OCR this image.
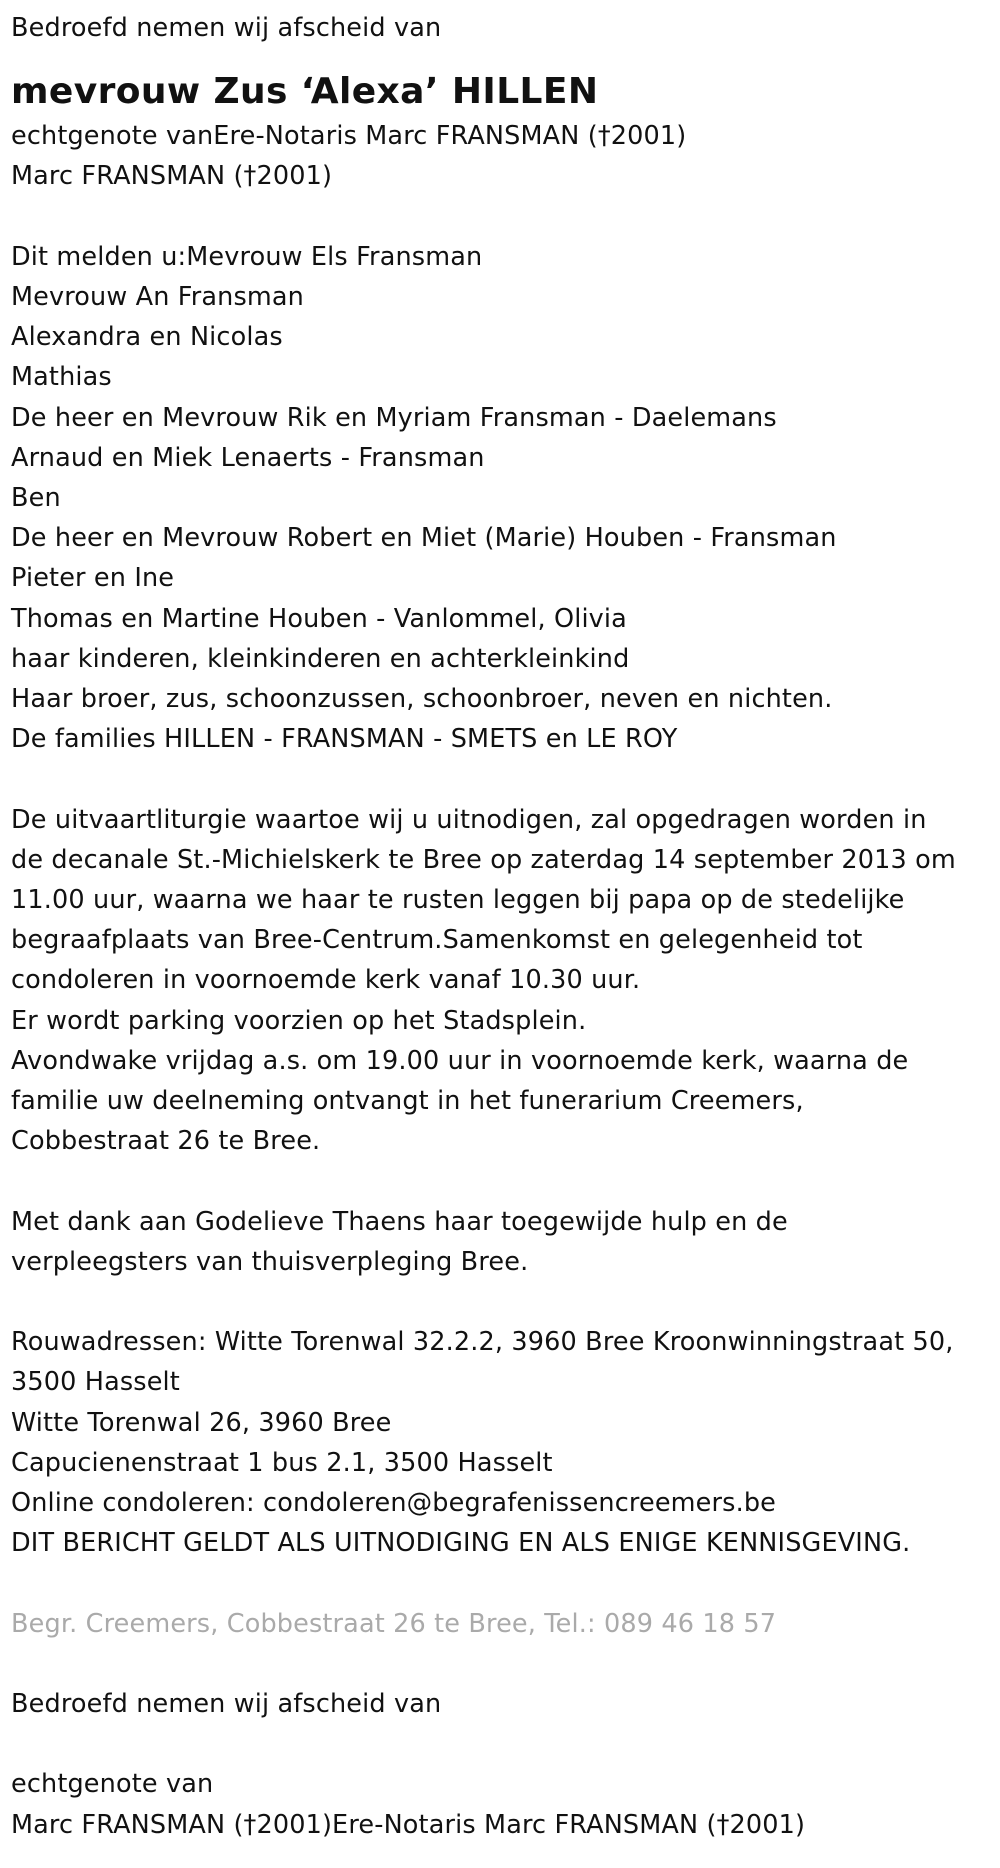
Bedroefd nemen wij afscheid van
mevrouw Zus ‘Alexa’ HILLEN
echtgenote vanEre-Notaris Marc FRANSMAN (†2001)
Marc FRANSMAN (†2001)
Dit melden u:Mevrouw Els Fransman
Mevrouw An Fransman
Alexandra en Nicolas
Mathias
De heer en Mevrouw Rik en Myriam Fransman - Daelemans
Arnaud en Miek Lenaerts - Fransman
Ben
De heer en Mevrouw Robert en Miet (Marie) Houben - Fransman
Pieter en Ine
Thomas en Martine Houben - Vanlommel, Olivia
haar kinderen, kleinkinderen en achterkleinkind
Haar broer, zus, schoonzussen, schoonbroer, neven en nichten.
De families HILLEN - FRANSMAN - SMETS en LE ROY
De uitvaartliturgie waartoe wij u uitnodigen, zal opgedragen worden in
de decanale St.-Michielskerk te Bree op zaterdag 14 september 2013 om
11.00 uur, waarna we haar te rusten leggen bij papa op de stedelijke
begraafplaats van Bree-Centrum.Samenkomst en gelegenheid tot
condoleren in voornoemde kerk vanaf 10.30 uur.
Er wordt parking voorzien op het Stadsplein.
Avondwake vrijdag a.s. om 19.00 uur in voornoemde kerk, waarna de
familie uw deelneming ontvangt in het funerarium Creemers,
Cobbestraat 26 te Bree.
Met dank aan Godelieve Thaens haar toegewijde hulp en de
verpleegsters van thuisverpleging Bree.
Rouwadressen: Witte Torenwal 32.2.2, 3960 Bree Kroonwinningstraat 50,
3500 Hasselt
Witte Torenwal 26, 3960 Bree
Capucienenstraat 1 bus 2.1, 3500 Hasselt
Online condoleren: condoleren@begrafenissencreemers.be
DIT BERICHT GELDT ALS UITNODIGING EN ALS ENIGE KENNISGEVING.
Begr. Creemers, Cobbestraat 26 te Bree, Tel.: 089 46 18 57
Bedroefd nemen wij afscheid van
echtgenote van
Marc FRANSMAN (†2001)Ere-Notaris Marc FRANSMAN (†2001)
